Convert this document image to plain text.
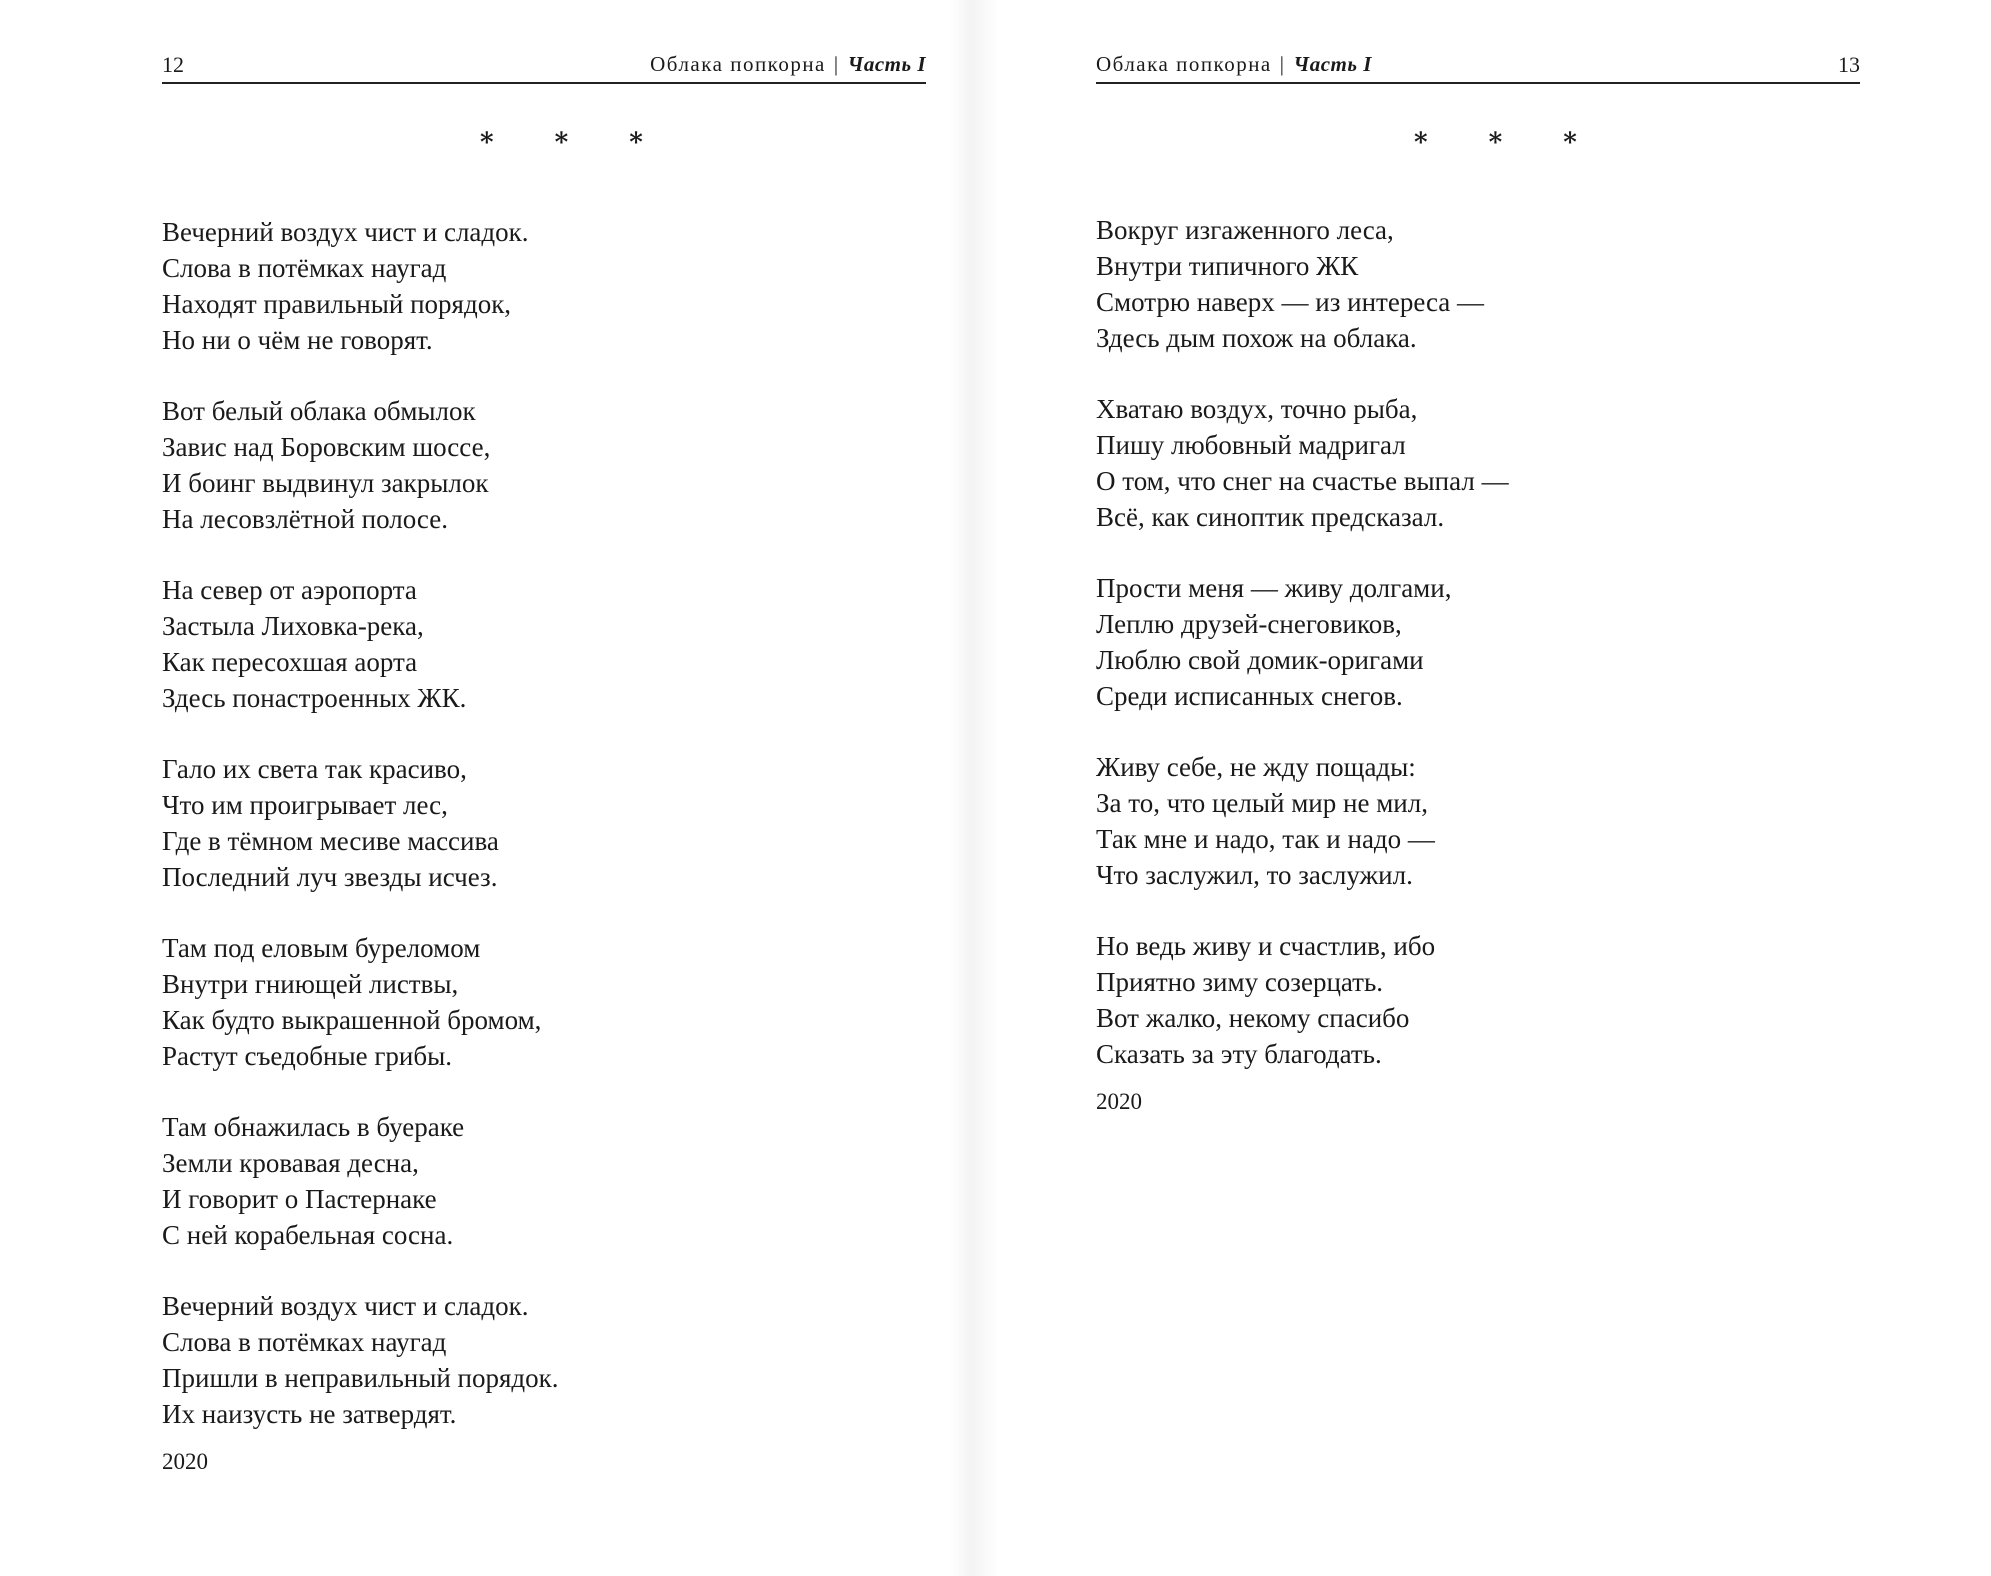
12	Облака попкорна | Часть I
* * *
Вечерний воздух чист и сладок.
Слова в потёмках наугад
Находят правильный порядок,
Но ни о чём не говорят.
Вот белый облака обмылок
Завис над Боровским шоссе,
И боинг выдвинул закрылок
На лесовзлётной полосе.
На север от аэропорта
Застыла Лиховка-река,
Как пересохшая аорта
Здесь понастроенных ЖК.
Гало их света так красиво,
Что им проигрывает лес,
Где в тёмном месиве массива
Последний луч звезды исчез.
Там под еловым буреломом
Внутри гниющей листвы,
Как будто выкрашенной бромом,
Растут съедобные грибы.
Там обнажилась в буераке
Земли кровавая десна,
И говорит о Пастернаке
С ней корабельная сосна.
Вечерний воздух чист и сладок.
Слова в потёмках наугад
Пришли в неправильный порядок.
Их наизусть не затвердят.
2020
Облака попкорна | Часть I	13
* * *
Вокруг изгаженного леса,
Внутри типичного ЖК
Смотрю наверх — из интереса —
Здесь дым похож на облака.
Хватаю воздух, точно рыба,
Пишу любовный мадригал
О том, что снег на счастье выпал —
Всё, как синоптик предсказал.
Прости меня — живу долгами,
Леплю друзей-снеговиков,
Люблю свой домик-оригами
Среди исписанных снегов.
Живу себе, не жду пощады:
За то, что целый мир не мил,
Так мне и надо, так и надо —
Что заслужил, то заслужил.
Но ведь живу и счастлив, ибо
Приятно зиму созерцать.
Вот жалко, некому спасибо
Сказать за эту благодать.
2020
